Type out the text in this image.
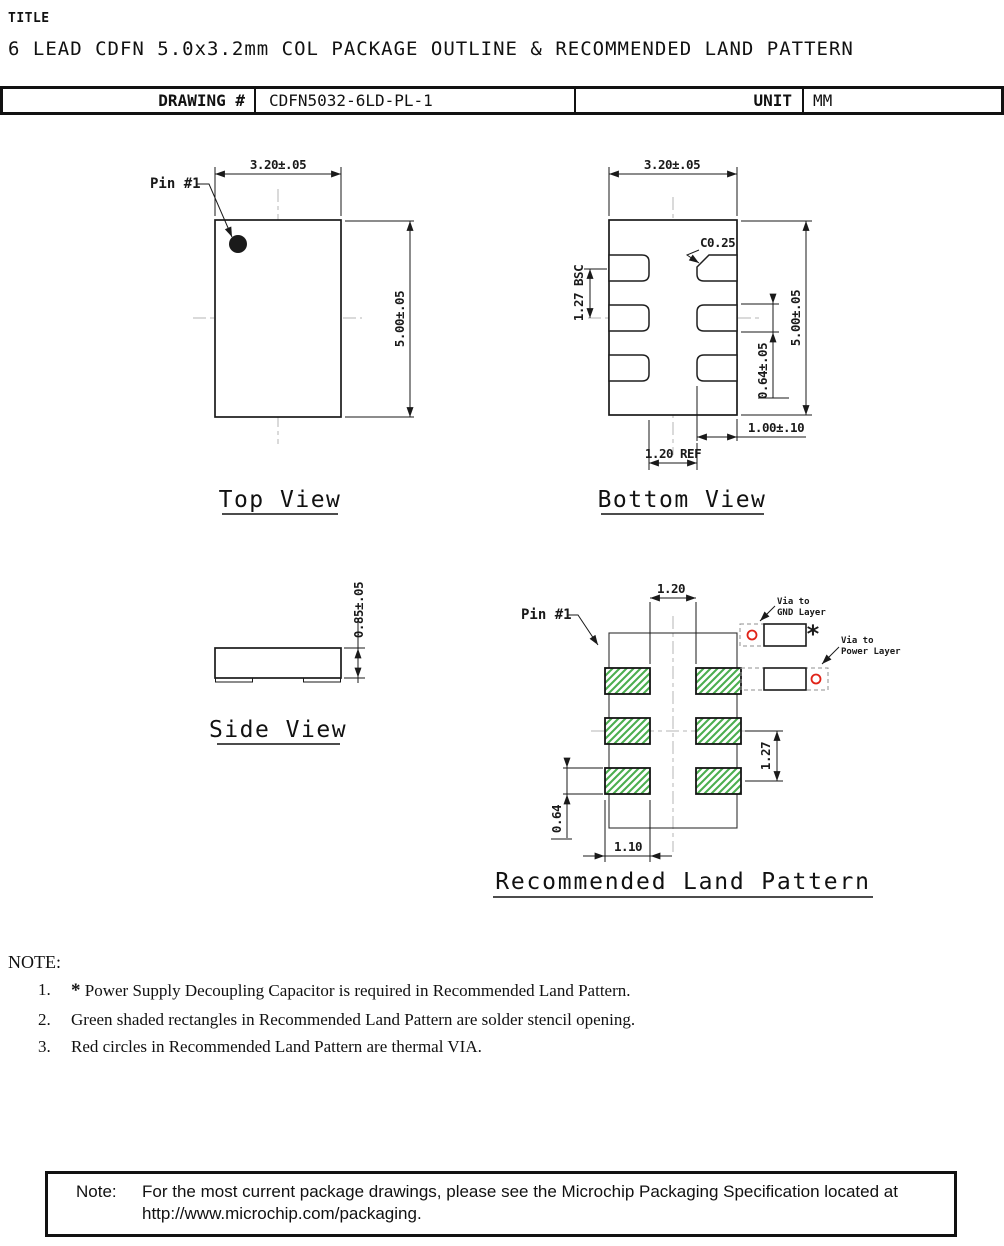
TITLE
6 LEAD CDFN 5.0x3.2mm COL PACKAGE OUTLINE & RECOMMENDED LAND PATTERN
DRAWING #	CDFN5032-6LD-PL-1	UNIT	MM
3.20±.05
5.00±.05
Pin #1
Top View
C0.25
3.20±.05
5.00±.05
1.27 BSC
0.64±.05
1.00±.10
1.20 REF
Bottom View
0.85±.05
Side View
1.20
Pin #1
*
Via to
GND Layer
Via to
Power Layer
1.27
0.64
1.10
Recommended Land Pattern
NOTE:
1. * Power Supply Decoupling Capacitor is required in Recommended Land Pattern.
2.	Green shaded rectangles in Recommended Land Pattern are solder stencil opening.
3.	Red circles in Recommended Land Pattern are thermal VIA.
Note:	For the most current package drawings, please see the Microchip Packaging Specification located at
http://www.microchip.com/packaging.
